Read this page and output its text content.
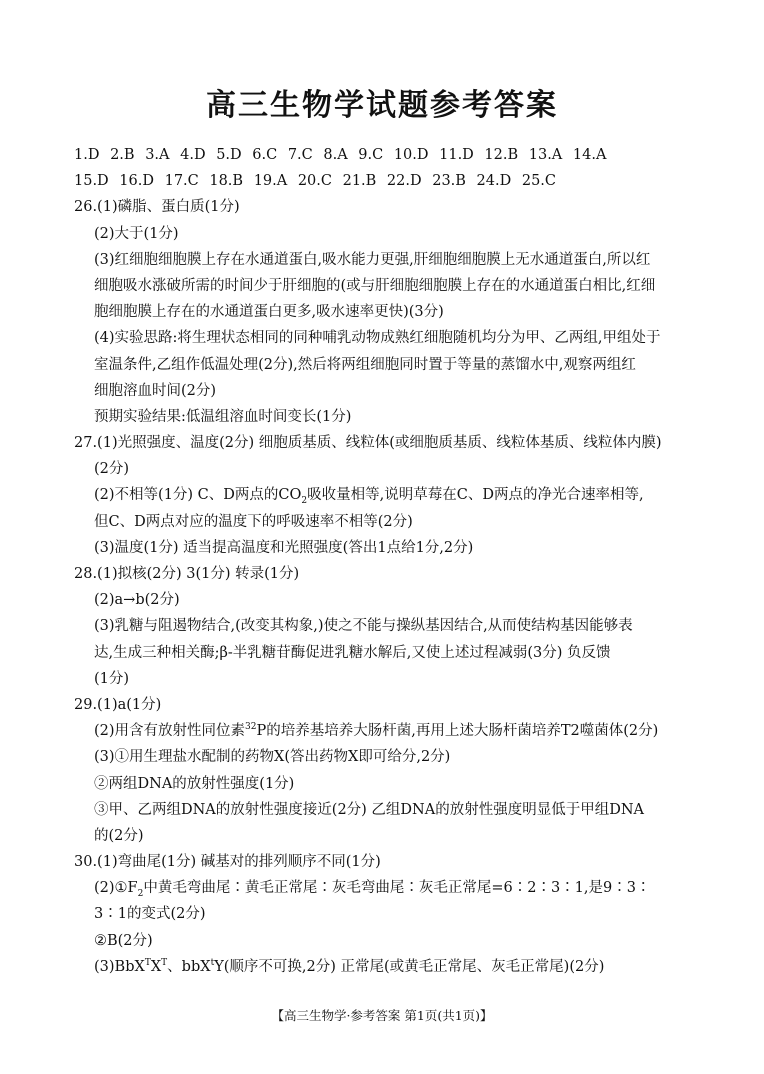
高三生物学试题参考答案
1.D 2.B 3.A 4.D 5.D 6.C 7.C 8.A 9.C 10.D 11.D 12.B 13.A 14.A
15.D 16.D 17.C 18.B 19.A 20.C 21.B 22.D 23.B 24.D 25.C
26.(1)磷脂、蛋白质(1分)
(2)大于(1分)
(3)红细胞细胞膜上存在水通道蛋白,吸水能力更强,肝细胞细胞膜上无水通道蛋白,所以红
细胞吸水涨破所需的时间少于肝细胞的(或与肝细胞细胞膜上存在的水通道蛋白相比,红细
胞细胞膜上存在的水通道蛋白更多,吸水速率更快)(3分)
(4)实验思路:将生理状态相同的同种哺乳动物成熟红细胞随机均分为甲、乙两组,甲组处于
室温条件,乙组作低温处理(2分),然后将两组细胞同时置于等量的蒸馏水中,观察两组红
细胞溶血时间(2分)
预期实验结果:低温组溶血时间变长(1分)
27.(1)光照强度、温度(2分) 细胞质基质、线粒体(或细胞质基质、线粒体基质、线粒体内膜)
(2分)
(2)不相等(1分) C、D两点的$CO_2$吸收量相等,说明草莓在C、D两点的净光合速率相等,
但C、D两点对应的温度下的呼吸速率不相等(2分)
(3)温度(1分) 适当提高温度和光照强度(答出1点给1分,2分)
28.(1)拟核(2分) 3(1分) 转录(1分)
(2)a→b(2分)
(3)乳糖与阻遏物结合,(改变其构象,)使之不能与操纵基因结合,从而使结构基因能够表
达,生成三种相关酶;β-半乳糖苷酶促进乳糖水解后,又使上述过程减弱(3分) 负反馈
(1分)
29.(1)a(1分)
(2)用含有放射性同位素$^{32}$P的培养基培养大肠杆菌,再用上述大肠杆菌培养T2噬菌体(2分)
(3)①用生理盐水配制的药物X(答出药物X即可给分,2分)
②两组DNA的放射性强度(1分)
③甲、乙两组DNA的放射性强度接近(2分) 乙组DNA的放射性强度明显低于甲组DNA
的(2分)
30.(1)弯曲尾(1分) 碱基对的排列顺序不同(1分)
$(2)①F_2$中黄毛弯曲尾∶黄毛正常尾∶灰毛弯曲尾∶灰毛正常尾=6∶2∶3∶1,是9∶3∶
3∶1的变式(2分)
②B(2分)
$(3)BbX^TX^T$、bbX$^t$Y(顺序不可换,2分) 正常尾(或黄毛正常尾、灰毛正常尾)(2分)
【高三生物学·参考答案 第1页(共1页)】
